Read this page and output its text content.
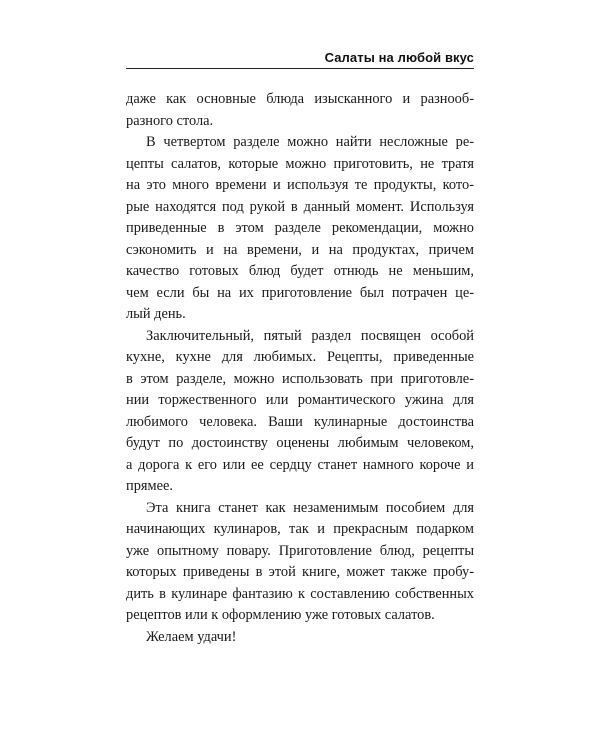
Салаты на любой вкус
даже как основные блюда изысканного и разнооб-
разного стола.
В четвертом разделе можно найти несложные ре-
цепты салатов, которые можно приготовить, не тратя
на это много времени и используя те продукты, кото-
рые находятся под рукой в данный момент. Используя
приведенные в этом разделе рекомендации, можно
сэкономить и на времени, и на продуктах, причем
качество готовых блюд будет отнюдь не меньшим,
чем если бы на их приготовление был потрачен це-
лый день.
Заключительный, пятый раздел посвящен особой
кухне, кухне для любимых. Рецепты, приведенные
в этом разделе, можно использовать при приготовле-
нии торжественного или романтического ужина для
любимого человека. Ваши кулинарные достоинства
будут по достоинству оценены любимым человеком,
а дорога к его или ее сердцу станет намного короче и
прямее.
Эта книга станет как незаменимым пособием для
начинающих кулинаров, так и прекрасным подарком
уже опытному повару. Приготовление блюд, рецепты
которых приведены в этой книге, может также пробу-
дить в кулинаре фантазию к составлению собственных
рецептов или к оформлению уже готовых салатов.
Желаем удачи!
